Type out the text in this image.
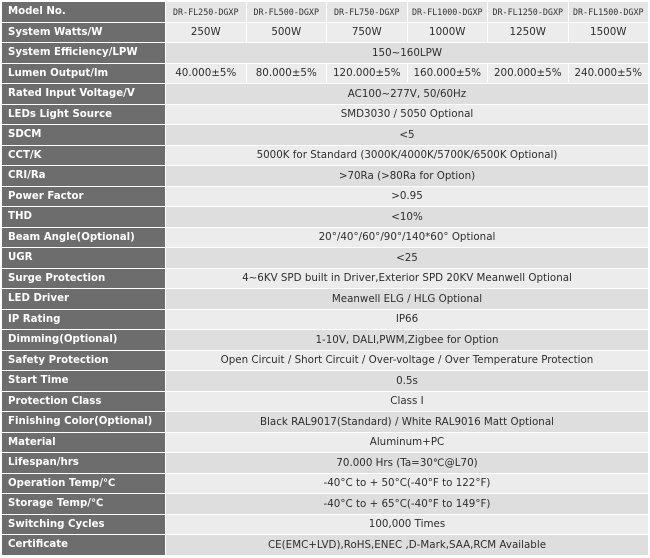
Model No.	DR-FL250-DGXP	DR-FL500-DGXP	DR-FL750-DGXP	DR-FL1000-DGXP	DR-FL1250-DGXP	DR-FL1500-DGXP
System Watts/W	250W	500W	750W	1000W	1250W	1500W
System Efficiency/LPW	150~160LPW					
Lumen Output/lm	40.000±5%	80.000±5%	120.000±5%	160.000±5%	200.000±5%	240.000±5%
Rated Input Voltage/V	AC100~277V, 50/60Hz					
LEDs Light Source	SMD3030 / 5050 Optional					
SDCM	<5					
CCT/K	5000K for Standard (3000K/4000K/5700K/6500K Optional)					
CRI/Ra	>70Ra (>80Ra for Option)					
Power Factor	>0.95					
THD	<10%					
Beam Angle(Optional)	20°/40°/60°/90°/140*60° Optional					
UGR	<25					
Surge Protection	4~6KV SPD built in Driver,Exterior SPD 20KV Meanwell Optional					
LED Driver	Meanwell ELG / HLG Optional					
IP Rating	IP66					
Dimming(Optional)	1-10V, DALI,PWM,Zigbee for Option					
Safety Protection	Open Circuit / Short Circuit / Over-voltage / Over Temperature Protection					
Start Time	0.5s					
Protection Class	Class Ⅰ					
Finishing Color(Optional)	Black RAL9017(Standard) / White RAL9016 Matt Optional					
Material	Aluminum+PC					
Lifespan/hrs	70.000 Hrs (Ta=30℃@L70)					
Operation Temp/℃	-40°C to + 50°C(-40°F to 122°F)					
Storage Temp/℃	-40°C to + 65°C(-40°F to 149°F)					
Switching Cycles	100,000 Times					
Certificate	CE(EMC+LVD),RoHS,ENEC ,D-Mark,SAA,RCM Available					
